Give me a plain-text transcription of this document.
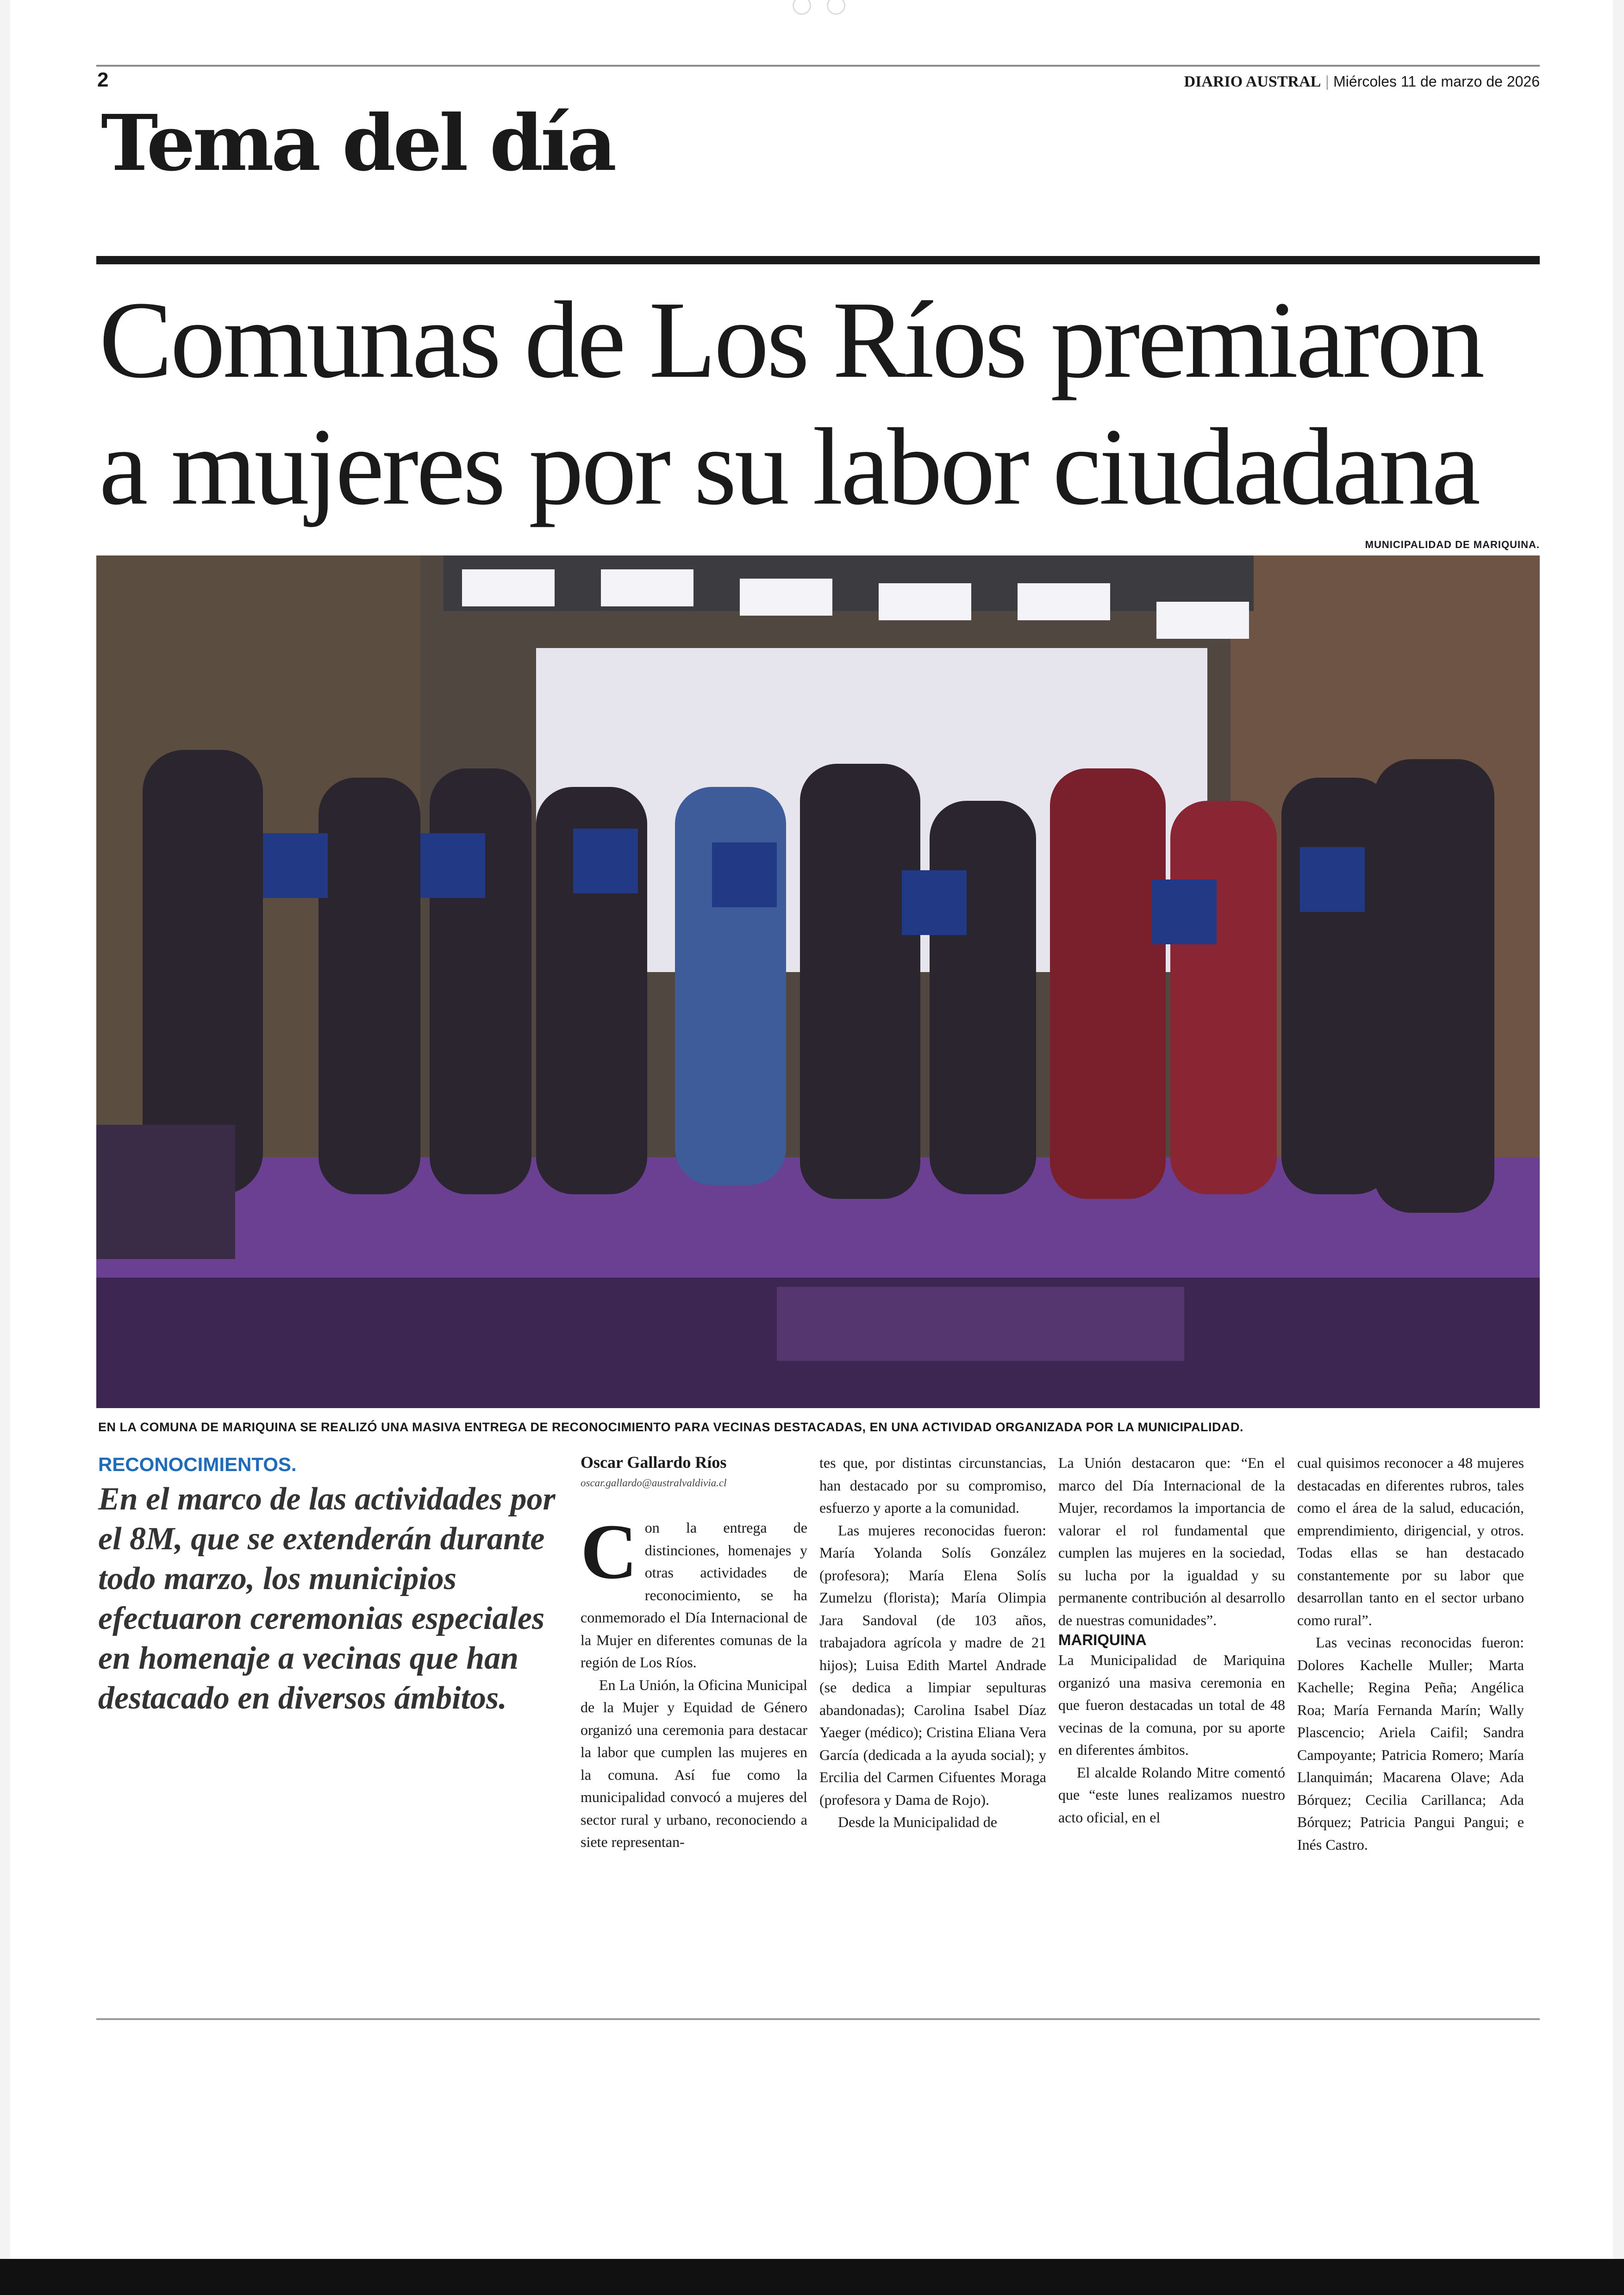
2	DIARIO AUSTRAL | Miércoles 11 de marzo de 2026
Tema del día
Comunas de Los Ríos premiaron a mujeres por su labor ciudadana
MUNICIPALIDAD DE MARIQUINA.
EN LA COMUNA DE MARIQUINA SE REALIZÓ UNA MASIVA ENTREGA DE RECONOCIMIENTO PARA VECINAS DESTACADAS, EN UNA ACTIVIDAD ORGANIZADA POR LA MUNICIPALIDAD.
RECONOCIMIENTOS.

En el marco de las actividades por el 8M, que se extenderán durante todo marzo, los municipios efectuaron ceremonias especiales en homenaje a vecinas que han destacado en diversos ámbitos.

Oscar Gallardo Ríos
oscar.gallardo@australvaldivia.cl

Con la entrega de distinciones, homenajes y otras actividades de reconocimiento, se ha conmemorado el Día Internacional de la Mujer en diferentes comunas de la región de Los Ríos.

En La Unión, la Oficina Municipal de la Mujer y Equidad de Género organizó una ceremonia para destacar la labor que cumplen las mujeres en la comuna. Así fue como la municipalidad convocó a mujeres del sector rural y urbano, reconociendo a siete representan-

tes que, por distintas circunstancias, han destacado por su compromiso, esfuerzo y aporte a la comunidad.

Las mujeres reconocidas fueron: María Yolanda Solís González (profesora); María Elena Solís Zumelzu (florista); María Olimpia Jara Sandoval (de 103 años, trabajadora agrícola y madre de 21 hijos); Luisa Edith Martel Andrade (se dedica a limpiar sepulturas abandonadas); Carolina Isabel Díaz Yaeger (médico); Cristina Eliana Vera García (dedicada a la ayuda social); y Ercilia del Carmen Cifuentes Moraga (profesora y Dama de Rojo).

Desde la Municipalidad de

La Unión destacaron que: “En el marco del Día Internacional de la Mujer, recordamos la importancia de valorar el rol fundamental que cumplen las mujeres en la sociedad, su lucha por la igualdad y su permanente contribución al desarrollo de nuestras comunidades”.

MARIQUINA

La Municipalidad de Mariquina organizó una masiva ceremonia en que fueron destacadas un total de 48 vecinas de la comuna, por su aporte en diferentes ámbitos.

El alcalde Rolando Mitre comentó que “este lunes realizamos nuestro acto oficial, en el

cual quisimos reconocer a 48 mujeres destacadas en diferentes rubros, tales como el área de la salud, educación, emprendimiento, dirigencial, y otros. Todas ellas se han destacado constantemente por su labor que desarrollan tanto en el sector urbano como rural”.

Las vecinas reconocidas fueron: Dolores Kachelle Muller; Marta Kachelle; Regina Peña; Angélica Roa; María Fernanda Marín; Wally Plascencio; Ariela Caifil; Sandra Campoyante; Patricia Romero; María Llanquimán; Macarena Olave; Ada Bórquez; Cecilia Carillanca; Ada Bórquez; Patricia Pangui Pangui; e Inés Castro.
